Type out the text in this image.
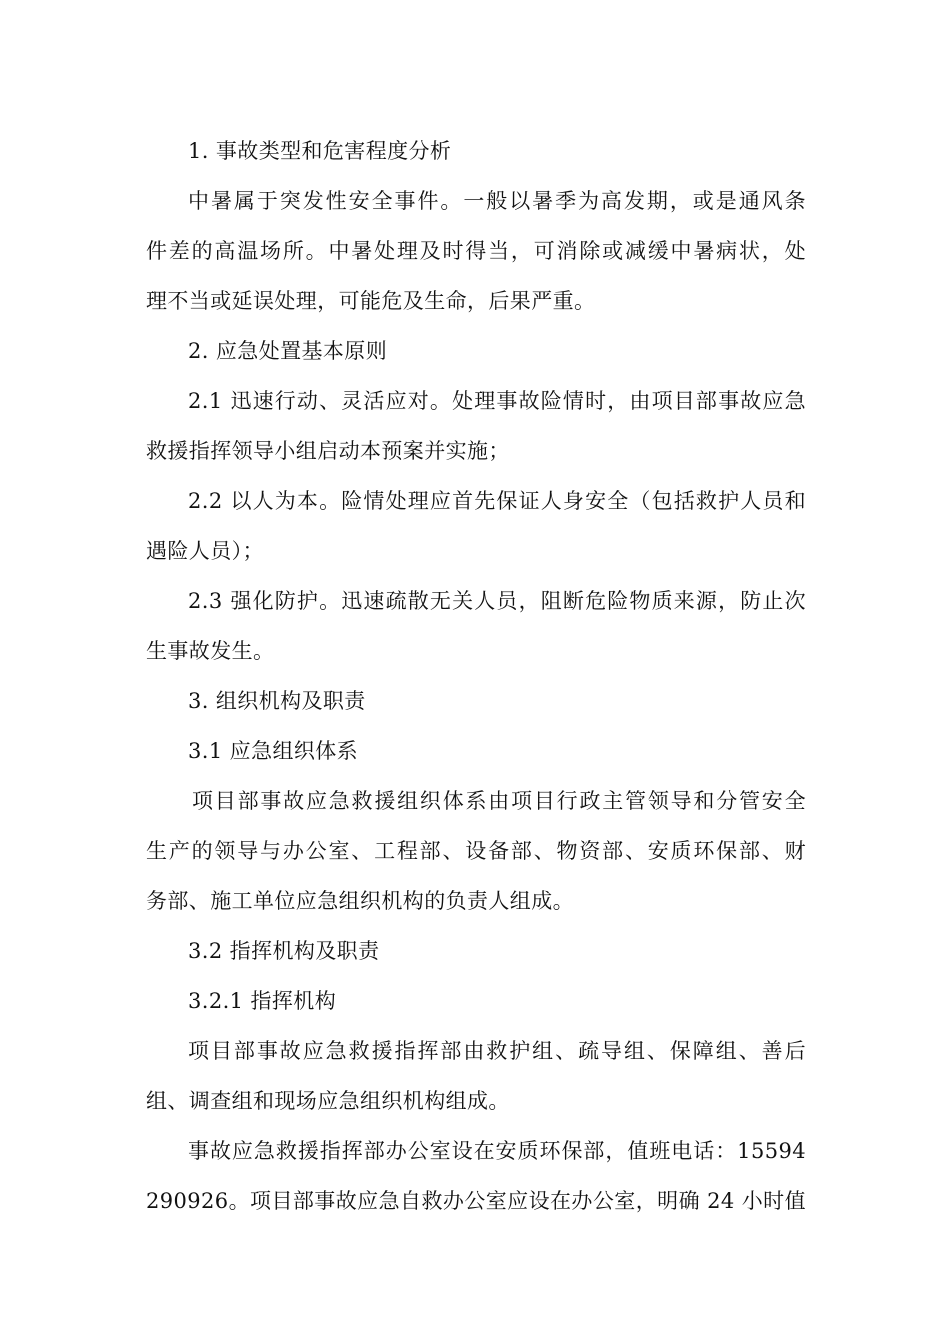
1. 事故类型和危害程度分析
中暑属于突发性安全事件。一般以暑季为高发期，或是通风条
件差的高温场所。中暑处理及时得当，可消除或减缓中暑病状，处
理不当或延误处理，可能危及生命，后果严重。
2. 应急处置基本原则
2.1 迅速行动、灵活应对。处理事故险情时，由项目部事故应急
救援指挥领导小组启动本预案并实施；
2.2 以人为本。险情处理应首先保证人身安全（包括救护人员和
遇险人员）；
2.3 强化防护。迅速疏散无关人员，阻断危险物质来源，防止次
生事故发生。
3. 组织机构及职责
3.1 应急组织体系
项目部事故应急救援组织体系由项目行政主管领导和分管安全
生产的领导与办公室、工程部、设备部、物资部、安质环保部、财
务部、施工单位应急组织机构的负责人组成。
3.2 指挥机构及职责
3.2.1 指挥机构
项目部事故应急救援指挥部由救护组、疏导组、保障组、善后
组、调查组和现场应急组织机构组成。
事故应急救援指挥部办公室设在安质环保部，值班电话：15594
290926。项目部事故应急自救办公室应设在办公室，明确 24 小时值
